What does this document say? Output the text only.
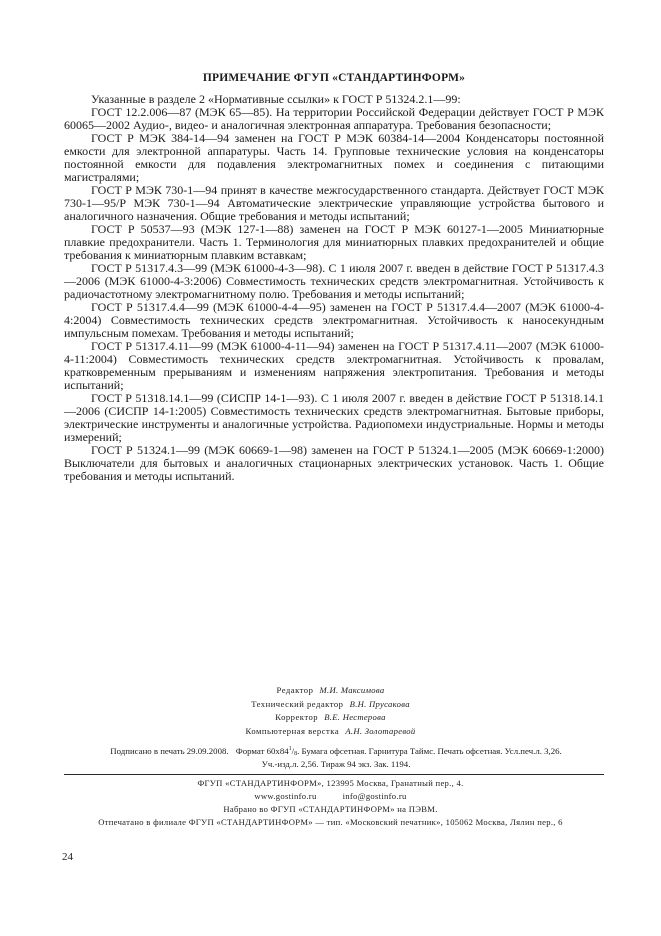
ПРИМЕЧАНИЕ ФГУП «СТАНДАРТИНФОРМ»

Указанные в разделе 2 «Нормативные ссылки» к ГОСТ Р 51324.2.1—99:

ГОСТ 12.2.006—87 (МЭК 65—85). На территории Российской Федерации действует ГОСТ Р МЭК 60065—2002 Аудио-, видео- и аналогичная электронная аппаратура. Требования безопасности;

ГОСТ Р МЭК 384-14—94 заменен на ГОСТ Р МЭК 60384-14—2004 Конденсаторы постоянной емкости для электронной аппаратуры. Часть 14. Групповые технические условия на конденсаторы постоянной емкости для подавления электромагнитных помех и соединения с питающими магистралями;

ГОСТ Р МЭК 730-1—94 принят в качестве межгосударственного стандарта. Действует ГОСТ МЭК 730-1—95/Р МЭК 730-1—94 Автоматические электрические управляющие устройства бытового и аналогичного назначения. Общие требования и методы испытаний;

ГОСТ Р 50537—93 (МЭК 127-1—88) заменен на ГОСТ Р МЭК 60127-1—2005 Миниатюрные плавкие предохранители. Часть 1. Терминология для миниатюрных плавких предохранителей и общие требования к миниатюрным плавким вставкам;

ГОСТ Р 51317.4.3—99 (МЭК 61000-4-3—98). С 1 июля 2007 г. введен в действие ГОСТ Р 51317.4.3—2006 (МЭК 61000-4-3:2006) Совместимость технических средств электромагнитная. Устойчивость к радиочастотному электромагнитному полю. Требования и методы испытаний;

ГОСТ Р 51317.4.4—99 (МЭК 61000-4-4—95) заменен на ГОСТ Р 51317.4.4—2007 (МЭК 61000-4-4:2004) Совместимость технических средств электромагнитная. Устойчивость к наносекундным импульсным помехам. Требования и методы испытаний;

ГОСТ Р 51317.4.11—99 (МЭК 61000-4-11—94) заменен на ГОСТ Р 51317.4.11—2007 (МЭК 61000-4-11:2004) Совместимость технических средств электромагнитная. Устойчивость к провалам, кратковременным прерываниям и изменениям напряжения электропитания. Требования и методы испытаний;

ГОСТ Р 51318.14.1—99 (СИСПР 14-1—93). С 1 июля 2007 г. введен в действие ГОСТ Р 51318.14.1—2006 (СИСПР 14-1:2005) Совместимость технических средств электромагнитная. Бытовые приборы, электрические инструменты и аналогичные устройства. Радиопомехи индустриальные. Нормы и методы измерений;

ГОСТ Р 51324.1—99 (МЭК 60669-1—98) заменен на ГОСТ Р 51324.1—2005 (МЭК 60669-1:2000) Выключатели для бытовых и аналогичных стационарных электрических установок. Часть 1. Общие требования и методы испытаний.

Редактор М.И. Максимова
Технический редактор В.Н. Прусакова
Корректор В.Е. Нестерова
Компьютерная верстка А.Н. Золотаревой
Подписано в печать 29.09.2008. Формат $60x84^1/_8$. Бумага офсетная. Гарнитура Таймс. Печать офсетная. Усл.печ.л. 3,26.
Уч.-изд.л. 2,56. Тираж 94 экз. Зак. 1194.
ФГУП «СТАНДАРТИНФОРМ», 123995 Москва, Гранатный пер., 4.
www.gostinfo.ru	info@gostinfo.ru
Набрано во ФГУП «СТАНДАРТИНФОРМ» на ПЭВМ.
Отпечатано в филиале ФГУП «СТАНДАРТИНФОРМ» — тип. «Московский печатник», 105062 Москва, Лялин пер., 6
24
